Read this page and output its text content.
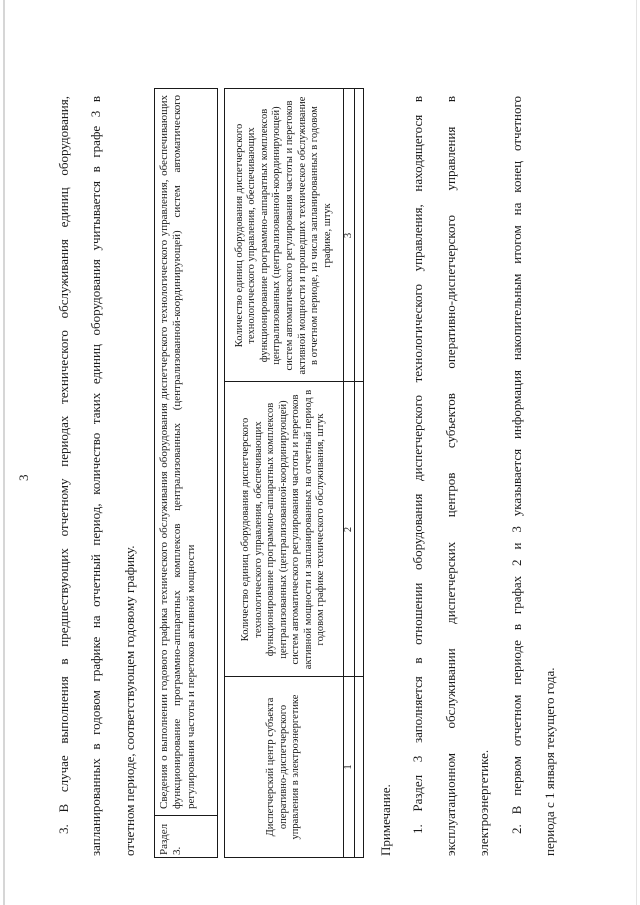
3 3. В случае выполнения в предшествующих отчетному периодах технического обслуживания единиц оборудования, запланированных в годовом графике на отчетный период, количество таких единиц оборудования учитывается в графе 3 в отчетном периоде, соответствующем годовому графику. Раздел 3.
Сведения о выполнении годового графика технического обслуживания оборудования диспетчерского технологического управления, обеспечивающих функционирование программно-аппаратных комплексов централизованных (централизованной-координирующей) систем автоматического регулирования частоты и перетоков активной мощности
Количество единиц оборудования диспетчерского технологического управления, обеспечивающих функционирование программно-аппаратных комплексов централизованных (централизованной-координирующей) систем автоматического регулирования частоты и перетоков активной мощности и запланированных на отчетный период в годовом графике технического обслуживания, штук
Количество единиц оборудования диспетчерского технологического управления, обеспечивающих функционирование программно-аппаратных комплексов централизованных (централизованной-координирующей) систем автоматического регулирования частоты и перетоков активной мощности и прошедших техническое обслуживание в отчетном периоде, из числа запланированных в годовом графике, штук
1
2
3
Диспетчерский центр субъекта оперативно-диспетчерского управления в электроэнергетике	Примечание. 1. Раздел 3 заполняется в отношении оборудования диспетчерского технологического управления, находящегося в эксплуатационном обслуживании диспетчерских центров субъектов оперативно-диспетчерского управления в электроэнергетике. 2. В первом отчетном периоде в графах 2 и 3 указывается информация накопительным итогом на конец отчетного периода с 1 января текущего года.
